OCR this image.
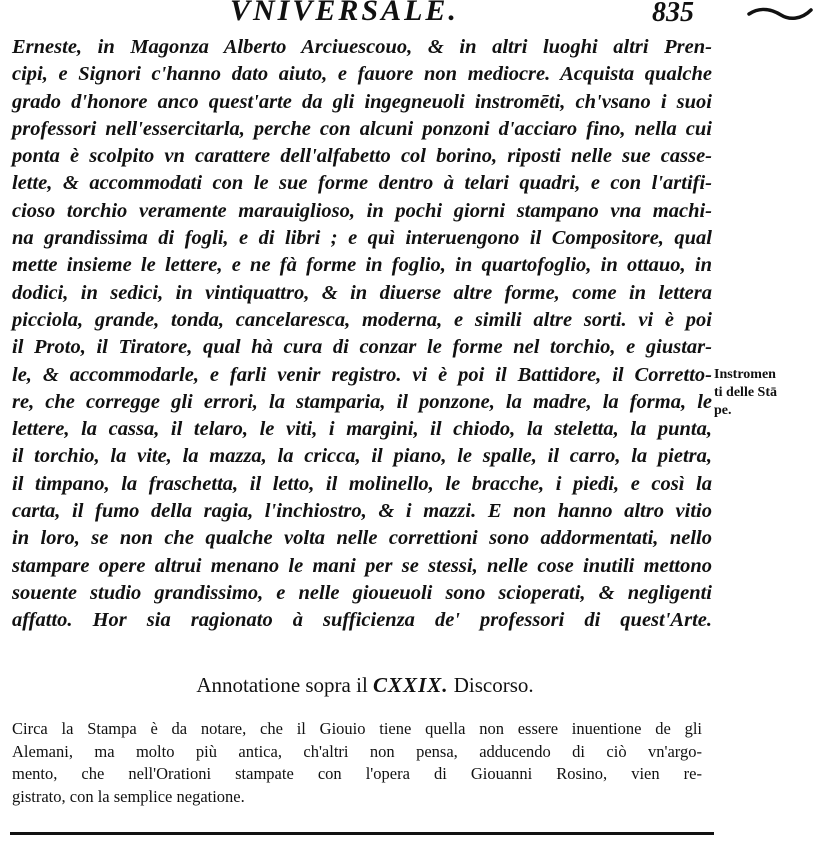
VNIVERSALE.	835
Erneste, in Magonza Alberto Arciuescouo, & in altri luoghi altri Pren-
cipi, e Signori c'hanno dato aiuto, e fauore non mediocre. Acquista qualche
grado d'honore anco quest'arte da gli ingegneuoli instromēti, ch'vsano i suoi
professori nell'essercitarla, perche con alcuni ponzoni d'acciaro fino, nella cui
ponta è scolpito vn carattere dell'alfabetto col borino, riposti nelle sue casse-
lette, & accommodati con le sue forme dentro à telari quadri, e con l'artifi-
cioso torchio veramente marauiglioso, in pochi giorni stampano vna machi-
na grandissima di fogli, e di libri ; e quì interuengono il Compositore, qual
mette insieme le lettere, e ne fà forme in foglio, in quartofoglio, in ottauo, in
dodici, in sedici, in vintiquattro, & in diuerse altre forme, come in lettera
picciola, grande, tonda, cancelaresca, moderna, e simili altre sorti. vi è poi
il Proto, il Tiratore, qual hà cura di conzar le forme nel torchio, e giustar-
le, & accommodarle, e farli venir registro. vi è poi il Battidore, il Corretto-
re, che corregge gli errori, la stamparia, il ponzone, la madre, la forma, le
lettere, la cassa, il telaro, le viti, i margini, il chiodo, la steletta, la punta,
il torchio, la vite, la mazza, la cricca, il piano, le spalle, il carro, la pietra,
il timpano, la fraschetta, il letto, il molinello, le bracche, i piedi, e così la
carta, il fumo della ragia, l'inchiostro, & i mazzi. E non hanno altro vitio
in loro, se non che qualche volta nelle correttioni sono addormentati, nello
stampare opere altrui menano le mani per se stessi, nelle cose inutili mettono
souente studio grandissimo, e nelle gioueuoli sono scioperati, & negligenti
affatto. Hor sia ragionato à sufficienza de' professori di quest'Arte.
Instromen
ti delle Stā
pe.
Annotatione sopra il CXXIX. Discorso.
Circa la Stampa è da notare, che il Giouio tiene quella non essere inuentione de gli
Alemani, ma molto più antica, ch'altri non pensa, adducendo di ciò vn'argo-
mento, che nell'Orationi stampate con l'opera di Giouanni Rosino, vien re-
gistrato, con la semplice negatione.
